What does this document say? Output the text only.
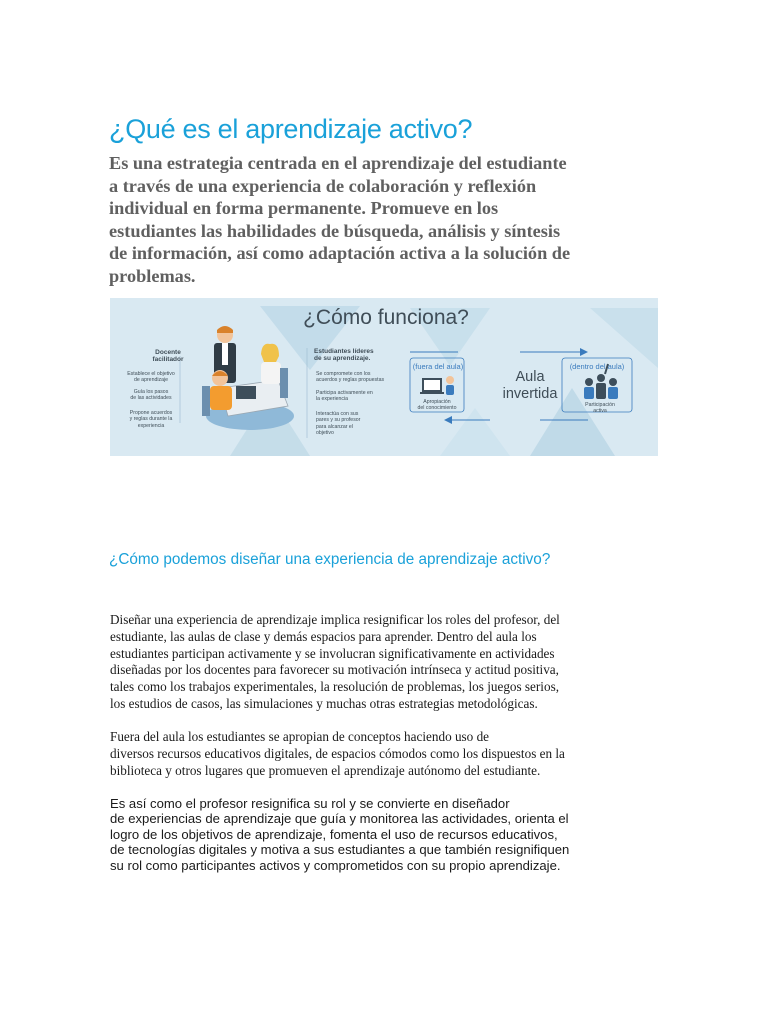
¿Qué es el aprendizaje activo?

Es una estrategia centrada en el aprendizaje del estudiante
a través de una experiencia de colaboración y reflexión
individual en forma permanente. Promueve en los
estudiantes las habilidades de búsqueda, análisis y síntesis
de información, así como adaptación activa a la solución de
problemas.

¿Cómo funciona?
Docente
facilitador
Establece el objetivo
de aprendizaje
Guía los pasos
de las actividades
Propone acuerdos
y reglas durante la
experiencia
Estudiantes líderes
de su aprendizaje.
Se compromete con los
acuerdos y reglas propuestas
Participa activamente en
la experiencia
Interactúa con sus
pares y su profesor
para alcanzar el
objetivo
(fuera del aula)	(dentro del aula)
Aula
invertida
Apropiación
del conocimiento
Participación
activa
¿Cómo podemos diseñar una experiencia de aprendizaje activo?

Diseñar una experiencia de aprendizaje implica resignificar los roles del profesor, del
estudiante, las aulas de clase y demás espacios para aprender. Dentro del aula los
estudiantes participan activamente y se involucran significativamente en actividades
diseñadas por los docentes para favorecer su motivación intrínseca y actitud positiva,
tales como los trabajos experimentales, la resolución de problemas, los juegos serios,
los estudios de casos, las simulaciones y muchas otras estrategias metodológicas.

Fuera del aula los estudiantes se apropian de conceptos haciendo uso de
diversos recursos educativos digitales, de espacios cómodos como los dispuestos en la
biblioteca y otros lugares que promueven el aprendizaje autónomo del estudiante.

Es así como el profesor resignifica su rol y se convierte en diseñador
de experiencias de aprendizaje que guía y monitorea las actividades, orienta el
logro de los objetivos de aprendizaje, fomenta el uso de recursos educativos,
de tecnologías digitales y motiva a sus estudiantes a que también resignifiquen
su rol como participantes activos y comprometidos con su propio aprendizaje.
